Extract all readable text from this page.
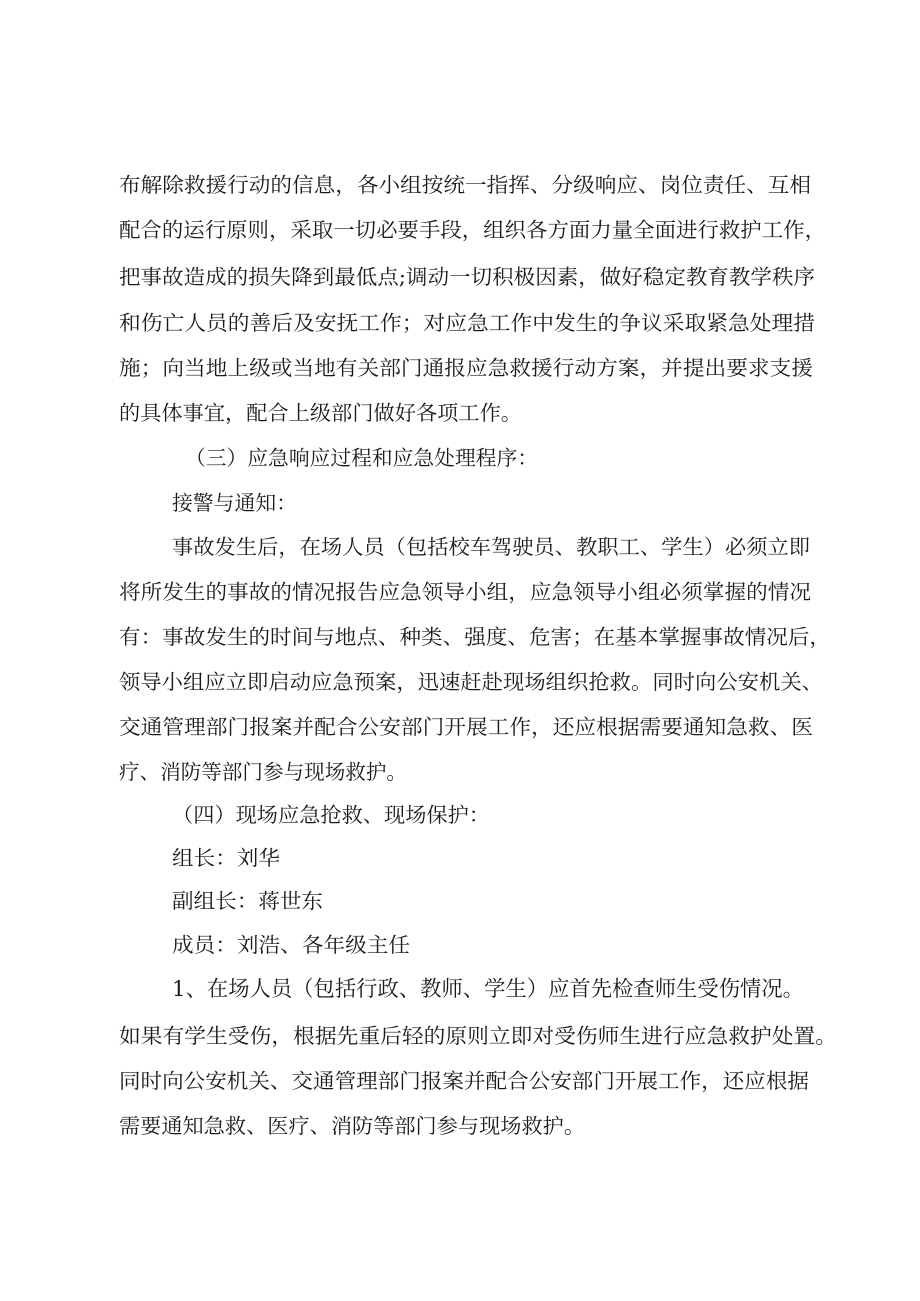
布解除救援行动的信息，各小组按统一指挥、分级响应、岗位责任、互相
配合的运行原则，采取一切必要手段，组织各方面力量全面进行救护工作，
把事故造成的损失降到最低点;调动一切积极因素，做好稳定教育教学秩序
和伤亡人员的善后及安抚工作；对应急工作中发生的争议采取紧急处理措
施；向当地上级或当地有关部门通报应急救援行动方案，并提出要求支援
的具体事宜，配合上级部门做好各项工作。
（三）应急响应过程和应急处理程序：
接警与通知：
事故发生后，在场人员（包括校车驾驶员、教职工、学生）必须立即
将所发生的事故的情况报告应急领导小组，应急领导小组必须掌握的情况
有：事故发生的时间与地点、种类、强度、危害；在基本掌握事故情况后，
领导小组应立即启动应急预案，迅速赶赴现场组织抢救。同时向公安机关、
交通管理部门报案并配合公安部门开展工作，还应根据需要通知急救、医
疗、消防等部门参与现场救护。
（四）现场应急抢救、现场保护：
组长：刘华
副组长：蒋世东
成员：刘浩、各年级主任
1、在场人员（包括行政、教师、学生）应首先检查师生受伤情况。
如果有学生受伤，根据先重后轻的原则立即对受伤师生进行应急救护处置。
同时向公安机关、交通管理部门报案并配合公安部门开展工作，还应根据
需要通知急救、医疗、消防等部门参与现场救护。
